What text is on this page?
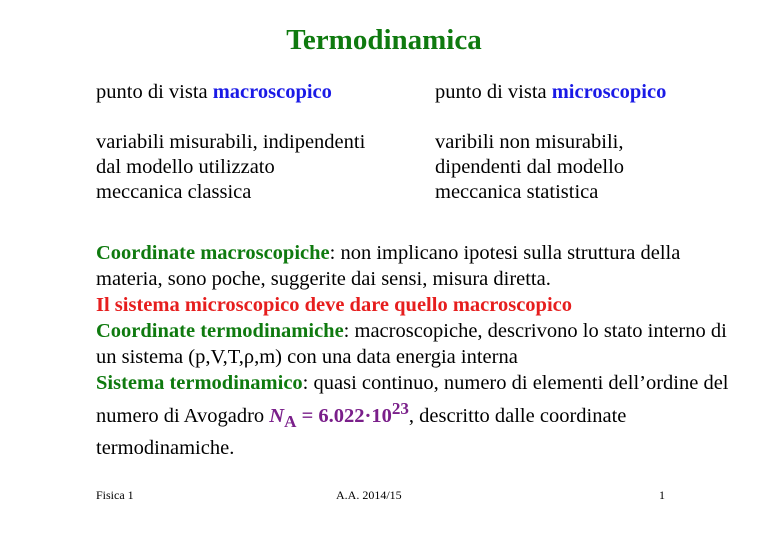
Termodinamica
punto di vista macroscopico
variabili misurabili, indipendenti
dal modello utilizzato
meccanica classica
punto di vista microscopico
varibili non misurabili,
dipendenti dal modello
meccanica statistica
Coordinate macroscopiche: non implicano ipotesi sulla struttura della materia, sono poche, suggerite dai sensi, misura diretta.
Il sistema microscopico deve dare quello macroscopico
Coordinate termodinamiche: macroscopiche, descrivono lo stato interno di un sistema (p,V,T,ρ,m) con una data energia interna
Sistema termodinamico: quasi continuo, numero di elementi dell’ordine del numero di Avogadro $N_A = 6.022\cdot 10^{23}$, descritto dalle coordinate termodinamiche.
Fisica 1	A.A. 2014/15	1
